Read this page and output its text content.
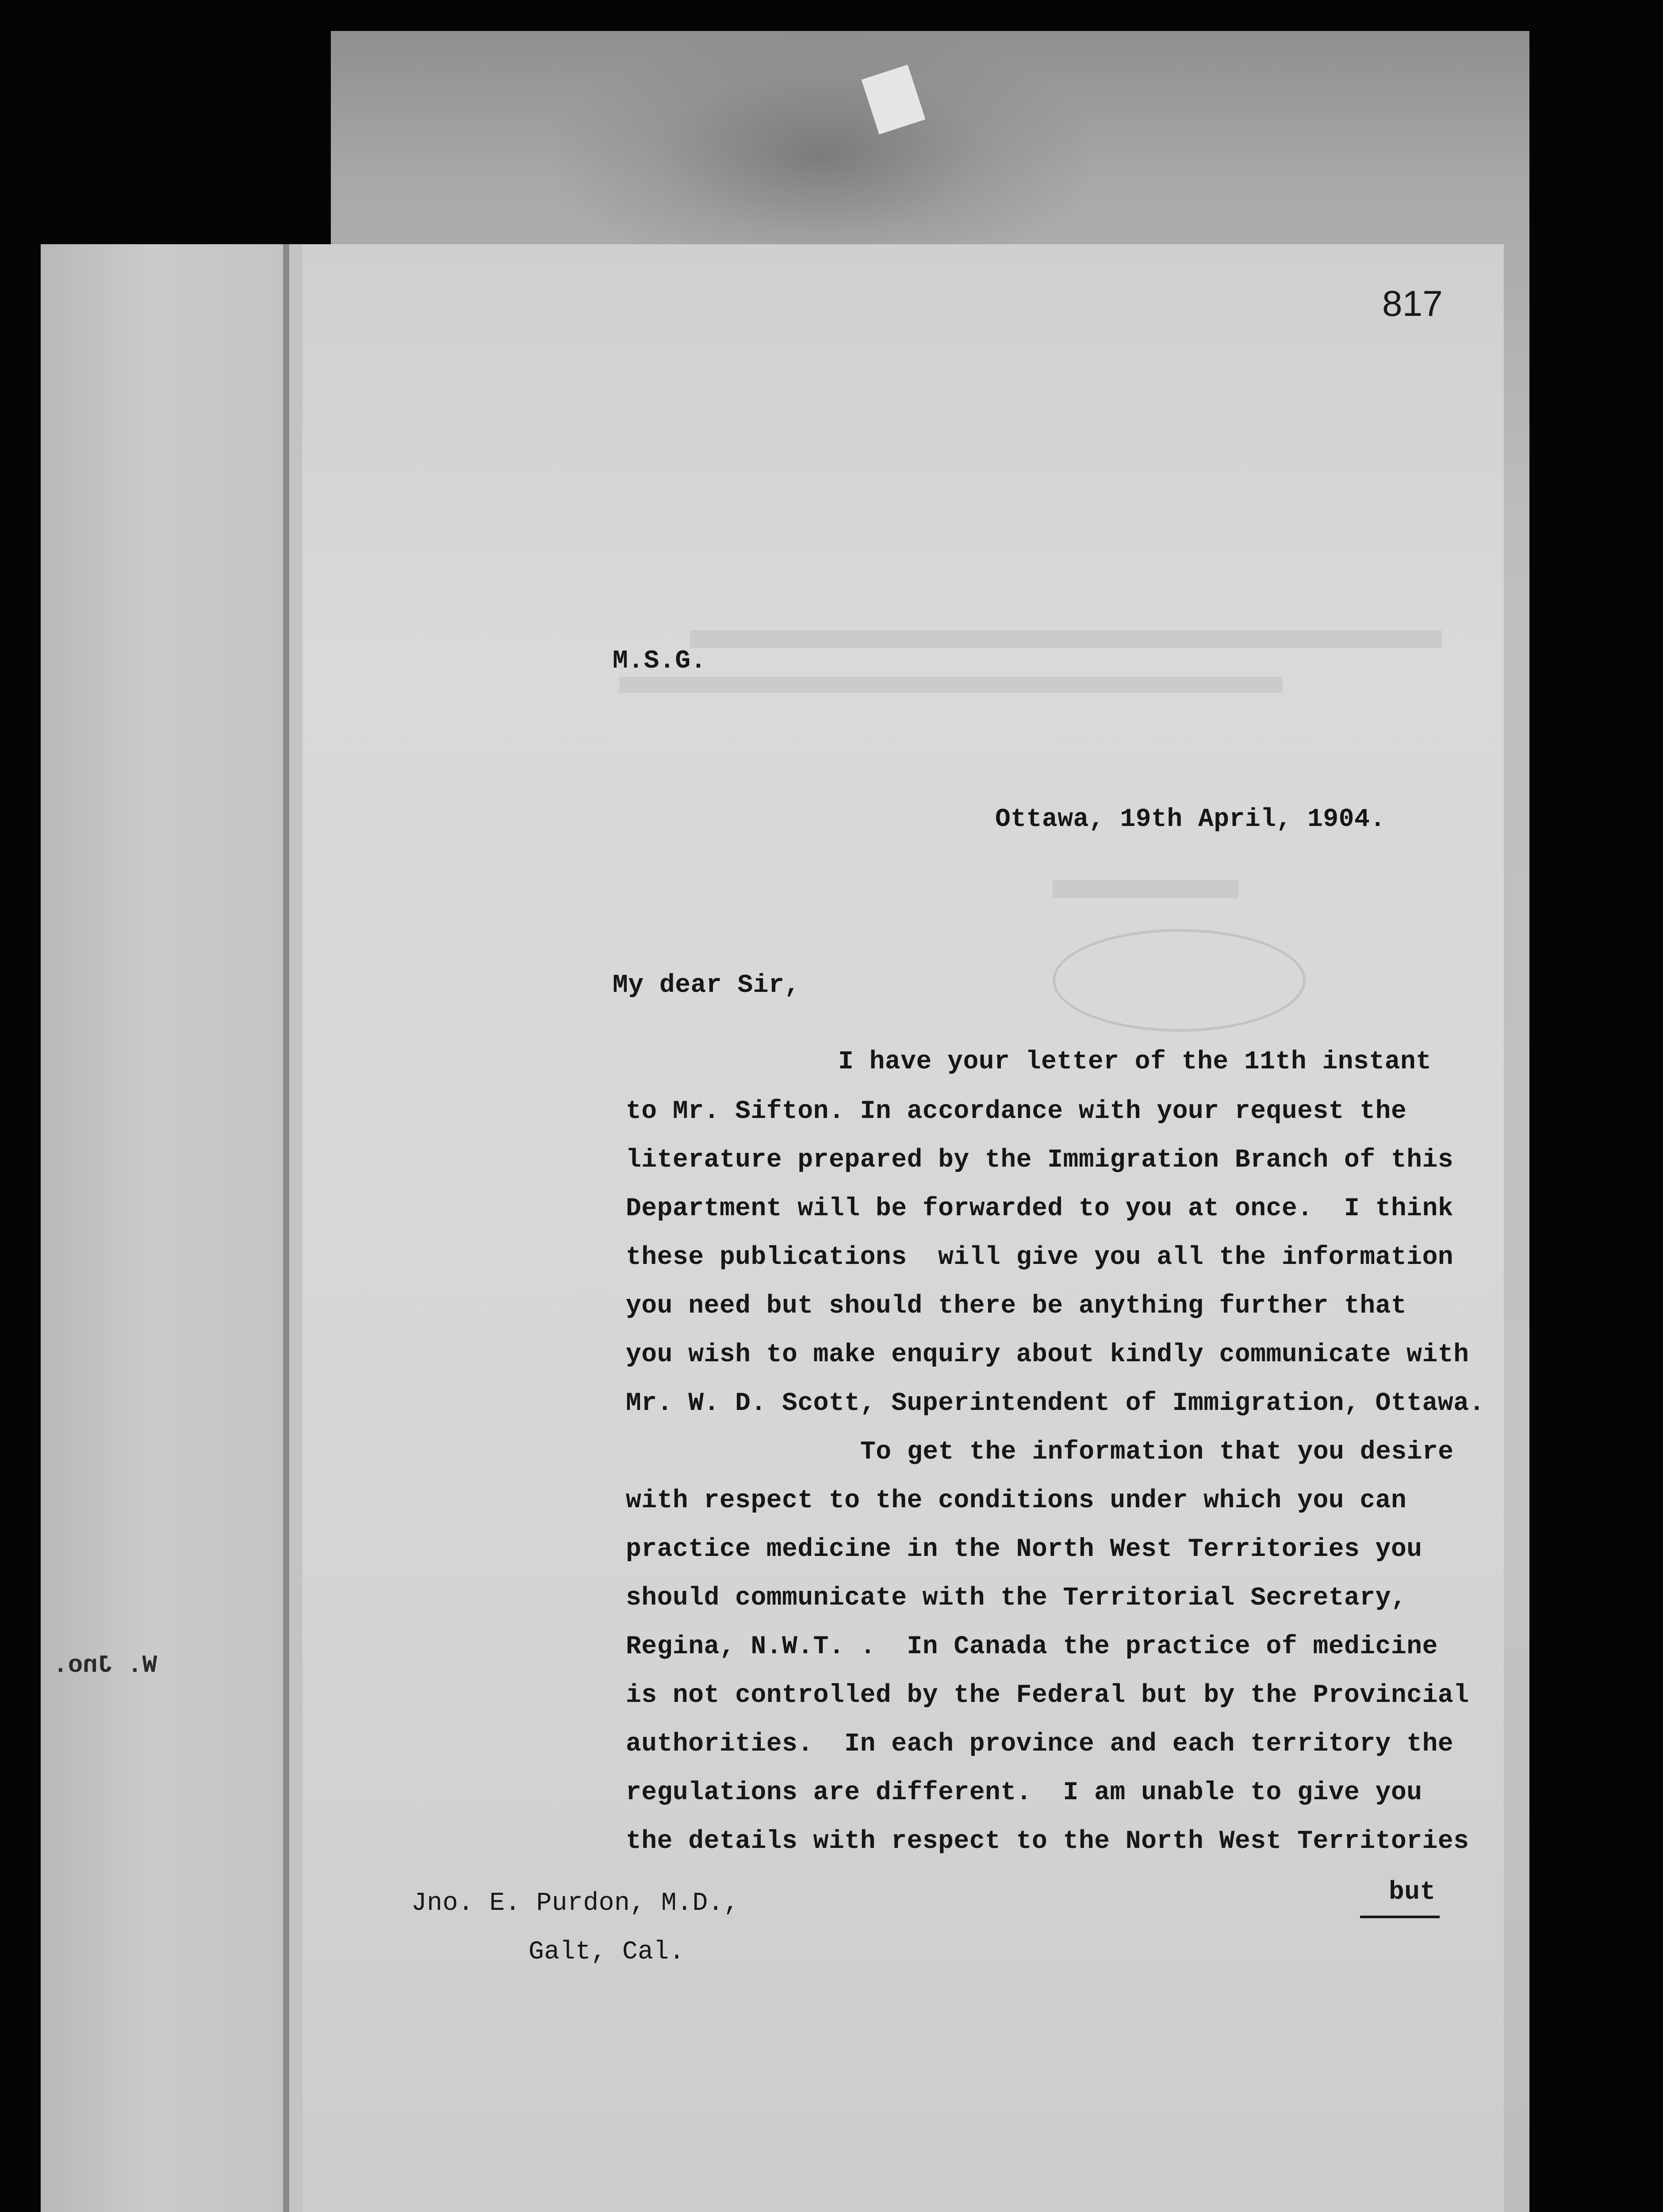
817
M.S.G.
Ottawa, 19th April, 1904.
My dear Sir,
I have your letter of the 11th instant
to Mr. Sifton. In accordance with your request the
literature prepared by the Immigration Branch of this
Department will be forwarded to you at once.  I think
these publications  will give you all the information
you need but should there be anything further that
you wish to make enquiry about kindly communicate with
Mr. W. D. Scott, Superintendent of Immigration, Ottawa.
To get the information that you desire
with respect to the conditions under which you can
practice medicine in the North West Territories you
should communicate with the Territorial Secretary,
Regina, N.W.T. .  In Canada the practice of medicine
is not controlled by the Federal but by the Provincial
authorities.  In each province and each territory the
regulations are different.  I am unable to give you
the details with respect to the North West Territories
but
Jno. E. Purdon, M.D.,
Galt, Cal.
W. Jno.
